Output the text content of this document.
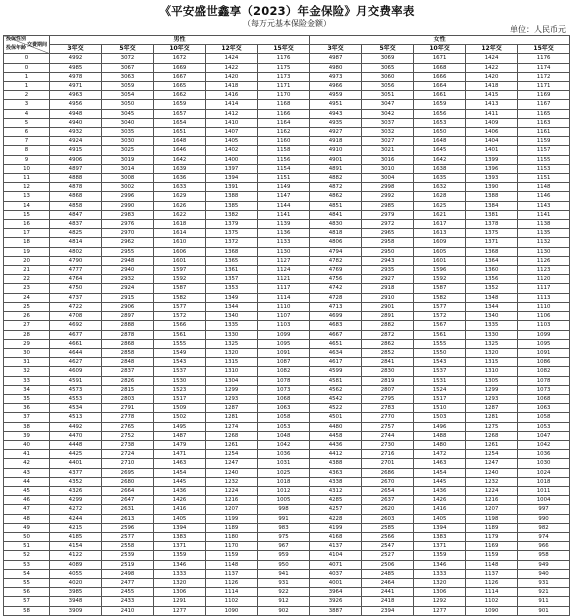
《平安盛世鑫享（2023）年金保险》月交费率表
（每万元基本保险金额）
单位：人民币元
投保性别
交费期间
投保年龄	男性					女性				
	3年交	5年交	10年交	12年交	15年交	3年交	5年交	10年交	12年交	15年交
0	4992	3072	1672	1424	1176	4987	3069	1671	1424	1176
0	4985	3067	1669	1422	1175	4980	3065	1668	1422	1174
1	4978	3063	1667	1420	1173	4973	3060	1666	1420	1172
1	4971	3059	1665	1418	1171	4966	3056	1664	1418	1171
2	4963	3054	1662	1416	1170	4959	3051	1661	1415	1169
3	4956	3050	1659	1414	1168	4951	3047	1659	1413	1167
4	4948	3045	1657	1412	1166	4943	3042	1656	1411	1165
5	4940	3040	1654	1410	1164	4935	3037	1653	1409	1163
6	4932	3035	1651	1407	1162	4927	3032	1650	1406	1161
7	4924	3030	1648	1405	1160	4918	3027	1648	1404	1159
8	4915	3025	1646	1402	1158	4910	3021	1645	1401	1157
9	4906	3019	1642	1400	1156	4901	3016	1642	1399	1155
10	4897	3014	1639	1397	1154	4891	3010	1638	1396	1153
11	4888	3008	1636	1394	1151	4882	3004	1635	1393	1151
12	4878	3002	1633	1391	1149	4872	2998	1632	1390	1148
13	4868	2996	1629	1388	1147	4862	2992	1628	1388	1146
14	4858	2990	1626	1385	1144	4851	2985	1625	1384	1143
15	4847	2983	1622	1382	1141	4841	2979	1621	1381	1141
16	4837	2976	1618	1379	1139	4830	2972	1617	1378	1138
17	4825	2970	1614	1375	1136	4818	2965	1613	1375	1135
18	4814	2962	1610	1372	1133	4806	2958	1609	1371	1132
19	4802	2955	1606	1368	1130	4794	2950	1605	1368	1130
20	4790	2948	1601	1365	1127	4782	2943	1601	1364	1126
21	4777	2940	1597	1361	1124	4769	2935	1596	1360	1123
22	4764	2932	1592	1357	1121	4756	2927	1592	1356	1120
23	4750	2924	1587	1353	1117	4742	2918	1587	1352	1117
24	4737	2915	1582	1349	1114	4728	2910	1582	1348	1113
25	4722	2906	1577	1344	1110	4713	2901	1577	1344	1110
26	4708	2897	1572	1340	1107	4699	2891	1572	1340	1106
27	4692	2888	1566	1335	1103	4683	2882	1567	1335	1103
28	4677	2878	1561	1330	1099	4667	2872	1561	1330	1099
29	4661	2868	1555	1325	1095	4651	2862	1555	1325	1095
30	4644	2858	1549	1320	1091	4634	2852	1550	1320	1091
31	4627	2848	1543	1315	1087	4617	2841	1543	1315	1086
32	4609	2837	1537	1310	1082	4599	2830	1537	1310	1082
33	4591	2826	1530	1304	1078	4581	2819	1531	1305	1078
34	4573	2815	1523	1299	1073	4562	2807	1524	1299	1073
35	4553	2803	1517	1293	1068	4542	2795	1517	1293	1068
36	4534	2791	1509	1287	1063	4522	2783	1510	1287	1063
37	4513	2778	1502	1281	1058	4501	2770	1503	1281	1058
38	4492	2765	1495	1274	1053	4480	2757	1496	1275	1053
39	4470	2752	1487	1268	1048	4458	2744	1488	1268	1047
40	4448	2738	1479	1261	1042	4436	2730	1480	1261	1042
41	4425	2724	1471	1254	1036	4412	2716	1472	1254	1036
42	4401	2710	1463	1247	1031	4388	2701	1463	1247	1030
43	4377	2695	1454	1240	1025	4363	2686	1454	1240	1024
44	4352	2680	1445	1232	1018	4338	2670	1445	1232	1018
45	4326	2664	1436	1224	1012	4312	2654	1436	1224	1011
46	4299	2647	1426	1216	1005	4285	2637	1426	1216	1004
47	4272	2631	1416	1207	998	4257	2620	1416	1207	997
48	4244	2613	1405	1199	991	4228	2603	1405	1198	990
49	4215	2596	1394	1189	983	4199	2585	1394	1189	982
50	4185	2577	1383	1180	975	4168	2566	1383	1179	974
51	4154	2558	1371	1170	967	4137	2547	1371	1169	966
52	4122	2539	1359	1159	959	4104	2527	1359	1159	958
53	4089	2519	1346	1148	950	4071	2506	1346	1148	949
54	4055	2498	1333	1137	941	4037	2485	1333	1137	940
55	4020	2477	1320	1126	931	4001	2464	1320	1126	931
56	3985	2455	1306	1114	922	3964	2441	1306	1114	921
57	3948	2433	1291	1102	912	3926	2418	1292	1102	911
58	3909	2410	1277	1090	902	3887	2394	1277	1090	901
